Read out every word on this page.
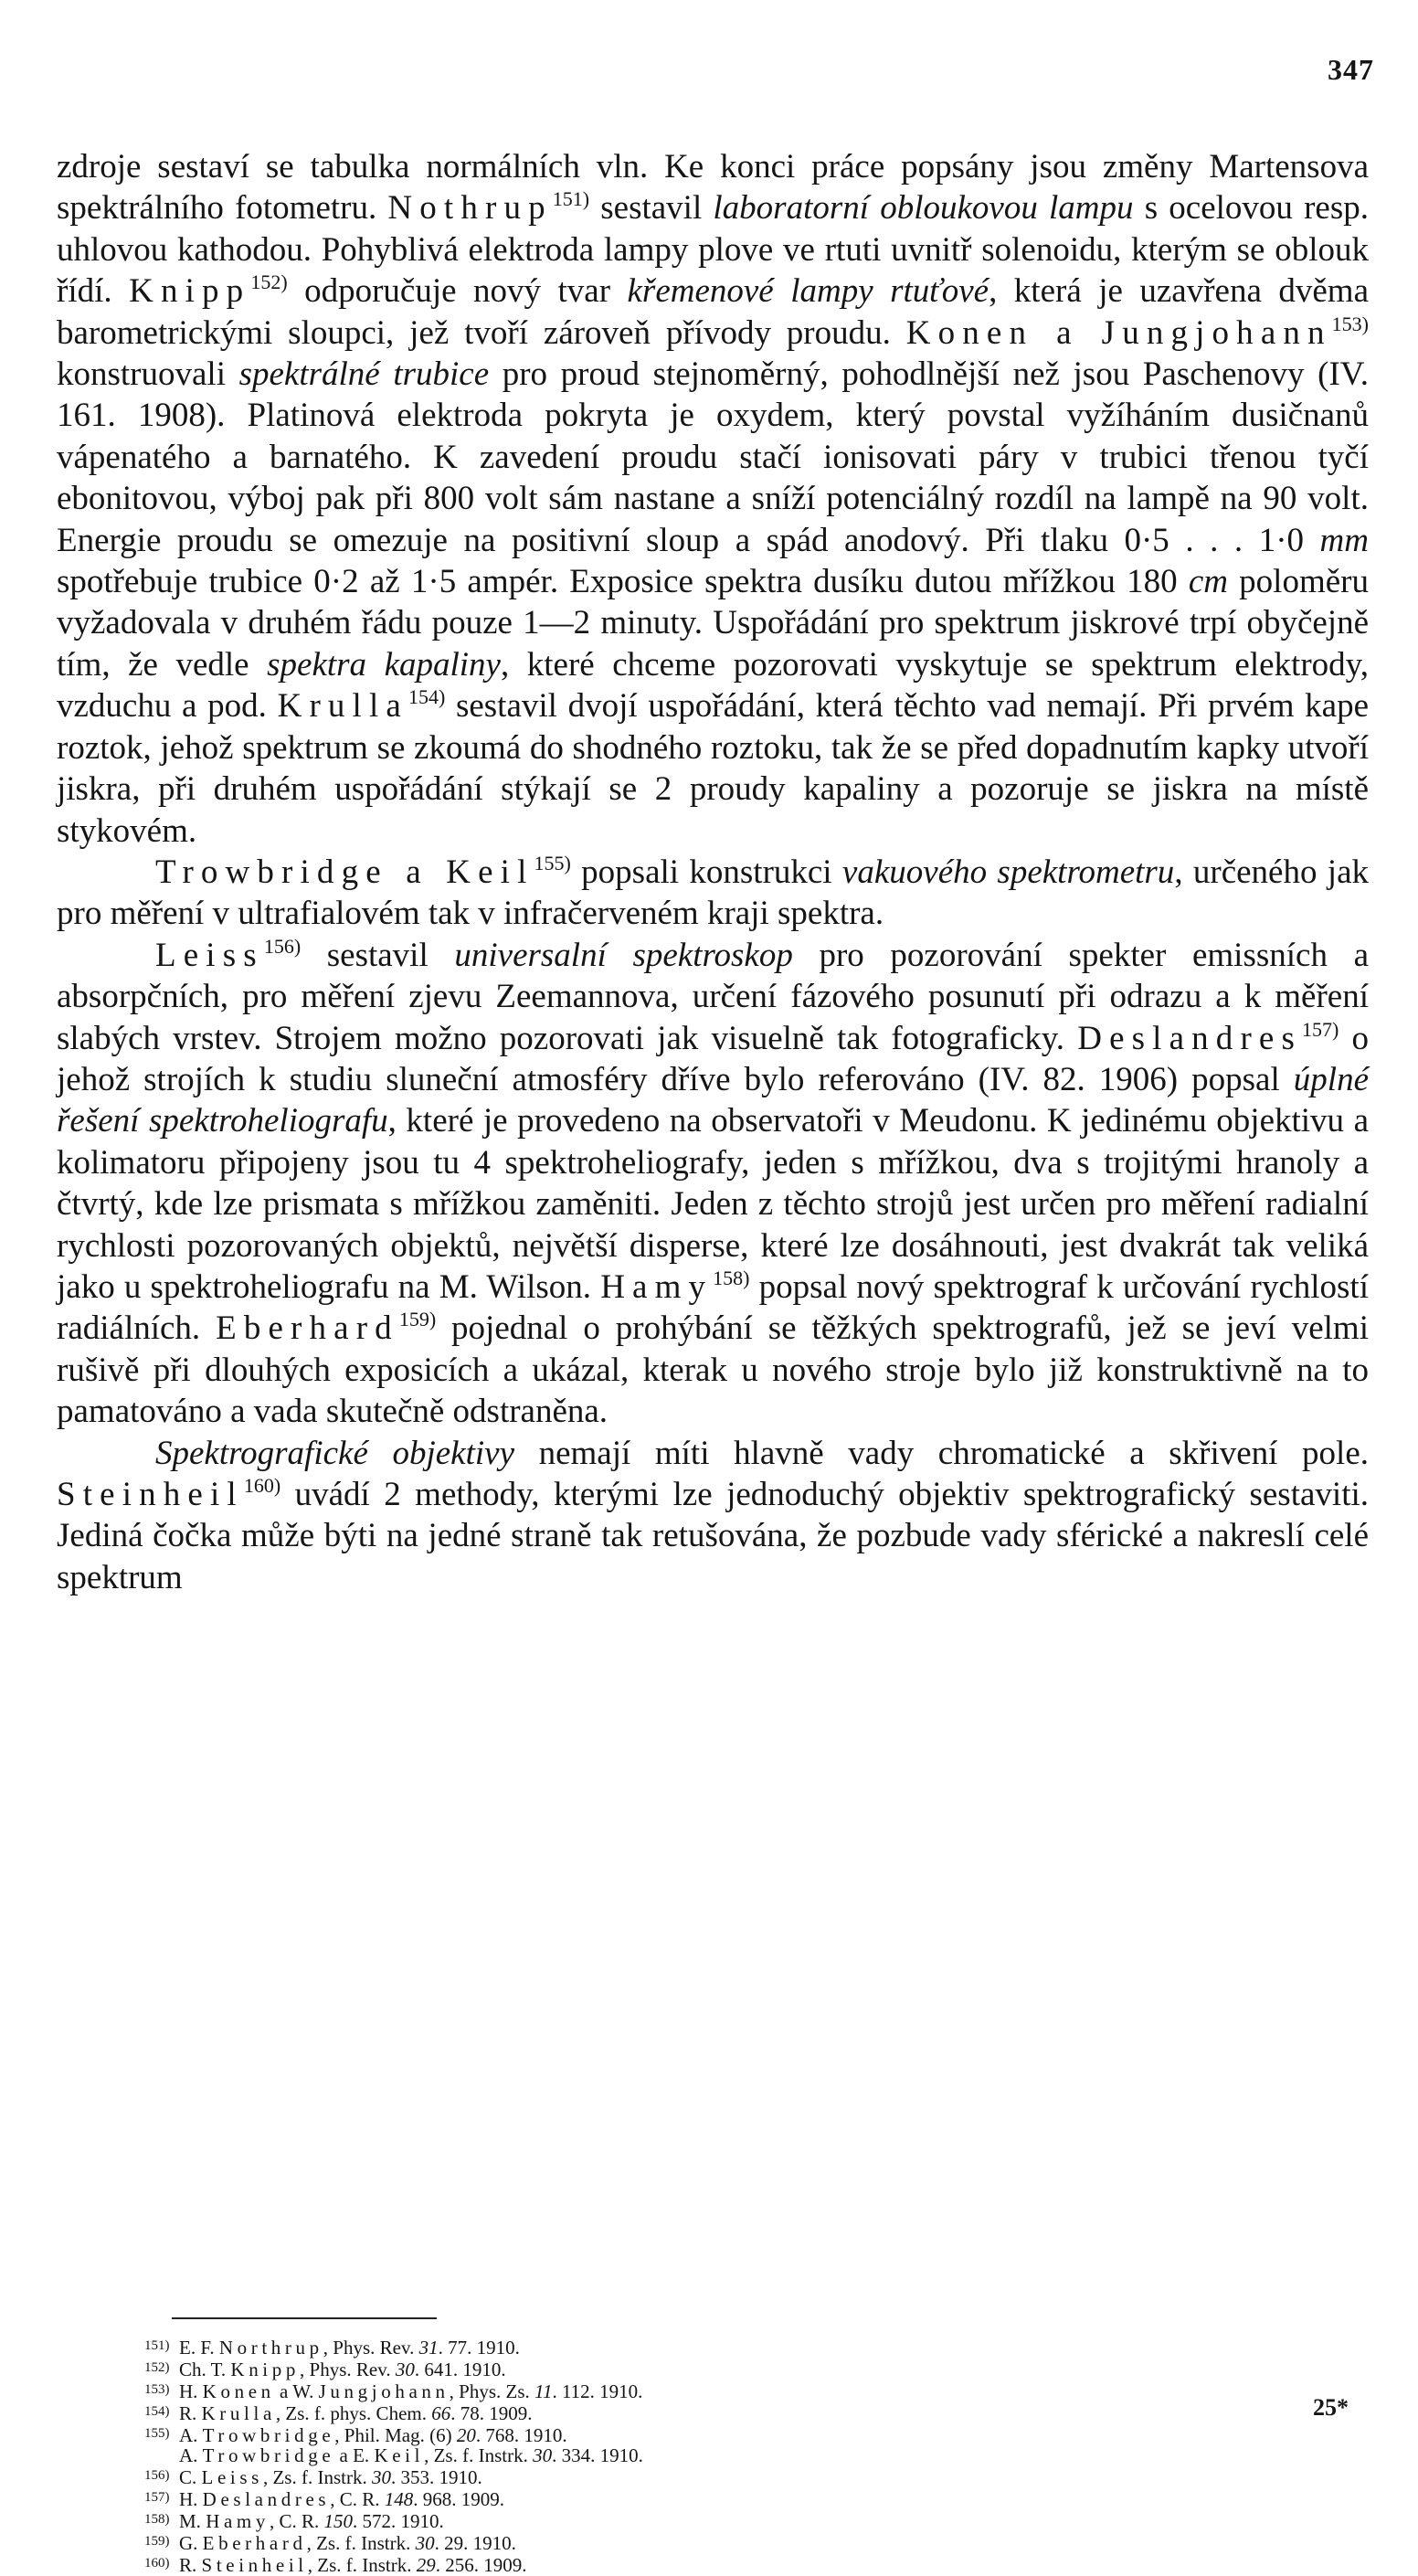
347

zdroje sestaví se tabulka normálních vln. Ke konci práce popsány jsou změny Martensova spektrálního fotometru. Nothrup$^{151)}$ sestavil laboratorní obloukovou lampu s ocelovou resp. uhlovou kathodou. Pohyblivá elektroda lampy plove ve rtuti uvnitř solenoidu, kterým se oblouk řídí. Knipp$^{152)}$ odporučuje nový tvar křemenové lampy rtuťové, která je uzavřena dvěma barometrickými sloupci, jež tvoří zároveň přívody proudu. Konen a Jungjohann$^{153)}$ konstruovali spektrálné trubice pro proud stejnoměrný, pohodlnější než jsou Paschenovy (IV. 161. 1908). Platinová elektroda pokryta je oxydem, který povstal vyžíháním dusičnanů vápenatého a barnatého. K zavedení proudu stačí ionisovati páry v trubici třenou tyčí ebonitovou, výboj pak při 800 volt sám nastane a sníží potenciálný rozdíl na lampě na 90 volt. Energie proudu se omezuje na positivní sloup a spád anodový. Při tlaku 0·5 . . . 1·0 mm spotřebuje trubice 0·2 až 1·5 ampér. Exposice spektra dusíku dutou mřížkou 180 cm poloměru vyžadovala v druhém řádu pouze 1—2 minuty. Uspořádání pro spektrum jiskrové trpí obyčejně tím, že vedle spektra kapaliny, které chceme pozorovati vyskytuje se spektrum elektrody, vzduchu a pod. Krulla$^{154)}$ sestavil dvojí uspořádání, která těchto vad nemají. Při prvém kape roztok, jehož spektrum se zkoumá do shodného roztoku, tak že se před dopadnutím kapky utvoří jiskra, při druhém uspořádání stýkají se 2 proudy kapaliny a pozoruje se jiskra na místě stykovém.

Trowbridge a Keil$^{155)}$ popsali konstrukci vakuového spektrometru, určeného jak pro měření v ultrafialovém tak v infračerveném kraji spektra.

Leiss$^{156)}$ sestavil universalní spektroskop pro pozorování spekter emissních a absorpčních, pro měření zjevu Zeemannova, určení fázového posunutí při odrazu a k měření slabých vrstev. Strojem možno pozorovati jak visuelně tak fotograficky. Deslandres$^{157)}$ o jehož strojích k studiu sluneční atmosféry dříve bylo referováno (IV. 82. 1906) popsal úplné řešení spektroheliografu, které je provedeno na observatoři v Meudonu. K jedinému objektivu a kolimatoru připojeny jsou tu 4 spektroheliografy, jeden s mřížkou, dva s trojitými hranoly a čtvrtý, kde lze prismata s mřížkou zaměniti. Jeden z těchto strojů jest určen pro měření radialní rychlosti pozorovaných objektů, největší disperse, které lze dosáhnouti, jest dvakrát tak veliká jako u spektroheliografu na M. Wilson. Hamy$^{158)}$ popsal nový spektrograf k určování rychlostí radiálních. Eberhard$^{159)}$ pojednal o prohýbání se těžkých spektrografů, jež se jeví velmi rušivě při dlouhých exposicích a ukázal, kterak u nového stroje bylo již konstruktivně na to pamatováno a vada skutečně odstraněna.

Spektrografické objektivy nemají míti hlavně vady chromatické a skřivení pole. Steinheil$^{160)}$ uvádí 2 methody, kterými lze jednoduchý objektiv spektrografický sestaviti. Jediná čočka může býti na jedné straně tak retušována, že pozbude vady sférické a nakreslí celé spektrum

151) E. F. Northrup, Phys. Rev. 31. 77. 1910.
152) Ch. T. Knipp, Phys. Rev. 30. 641. 1910.
153) H. Konen a W. Jungjohann, Phys. Zs. 11. 112. 1910.
154) R. Krulla, Zs. f. phys. Chem. 66. 78. 1909.
155) A. Trowbridge, Phil. Mag. (6) 20. 768. 1910.
A. Trowbridge a E. Keil, Zs. f. Instrk. 30. 334. 1910.
156) C. Leiss, Zs. f. Instrk. 30. 353. 1910.
157) H. Deslandres, C. R. 148. 968. 1909.
158) M. Hamy, C. R. 150. 572. 1910.
159) G. Eberhard, Zs. f. Instrk. 30. 29. 1910.
160) R. Steinheil, Zs. f. Instrk. 29. 256. 1909.
25*
